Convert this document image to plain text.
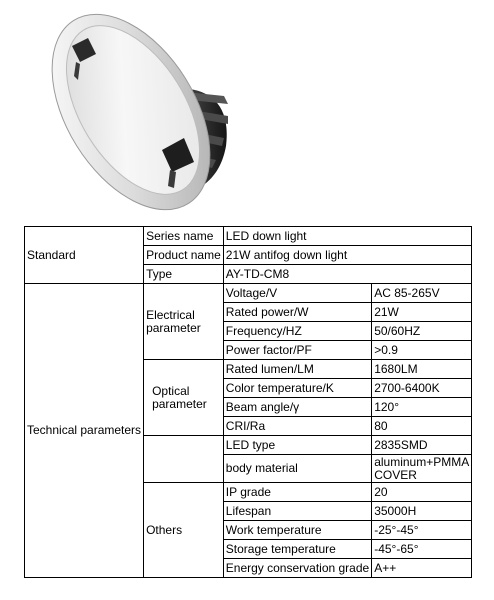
Standard	Series name	LED down light	
	Product name	21W antifog down light	
	Type	AY-TD-CM8	
Technical parameters	Electrical parameter	Voltage/V	AC 85-265V
		Rated power/W	21W
		Frequency/HZ	50/60HZ
		Power factor/PF	>0.9
	Optical parameter	Rated lumen/LM	1680LM
		Color temperature/K	2700-6400K
		Beam angle/γ	120°
		CRI/Ra	80
		LED type	2835SMD
		body material	aluminum+PMMA COVER
	Others	IP grade	20
		Lifespan	35000H
		Work temperature	-25°-45°
		Storage temperature	-45°-65°
		Energy conservation grade	A++
